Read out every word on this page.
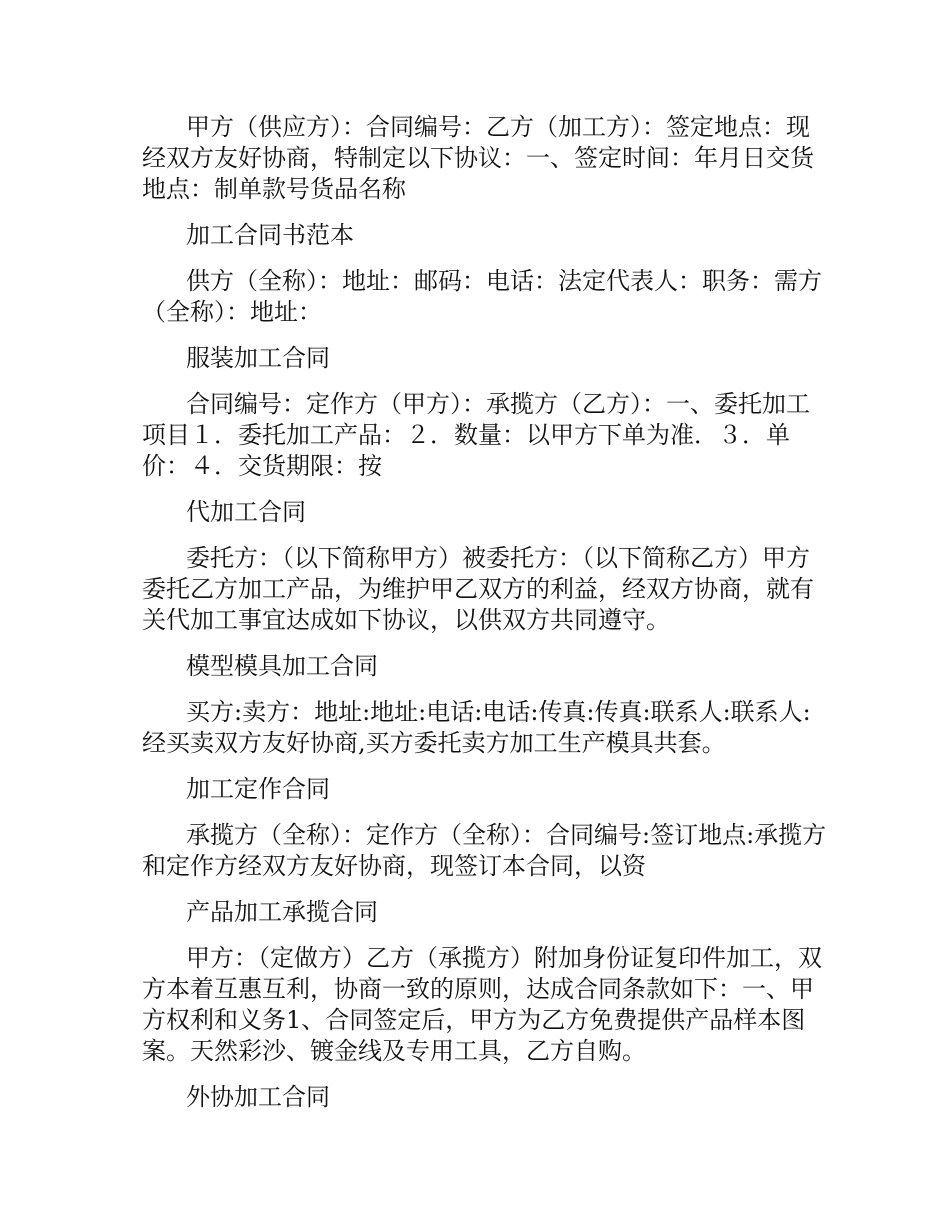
甲方（供应方）：合同编号：乙方（加工方）：签定地点：现经双方友好协商，特制定以下协议：一、签定时间：年月日交货地点：制单款号货品名称

加工合同书范本

供方（全称）：地址：邮码：电话：法定代表人：职务：需方（全称）：地址：

服装加工合同

合同编号：定作方（甲方）：承揽方（乙方）：一、委托加工项目１．委托加工产品：２．数量：以甲方下单为准．３．单价：４．交货期限：按

代加工合同

委托方：（以下简称甲方）被委托方：（以下简称乙方）甲方委托乙方加工产品，为维护甲乙双方的利益，经双方协商，就有关代加工事宜达成如下协议，以供双方共同遵守。

模型模具加工合同

买方:卖方：地址:地址:电话:电话:传真:传真:联系人:联系人:经买卖双方友好协商,买方委托卖方加工生产模具共套。

加工定作合同

承揽方（全称）：定作方（全称）：合同编号:签订地点:承揽方和定作方经双方友好协商，现签订本合同，以资

产品加工承揽合同

甲方：（定做方）乙方（承揽方）附加身份证复印件加工，双方本着互惠互利，协商一致的原则，达成合同条款如下：一、甲方权利和义务1、合同签定后，甲方为乙方免费提供产品样本图案。天然彩沙、镀金线及专用工具，乙方自购。

外协加工合同
